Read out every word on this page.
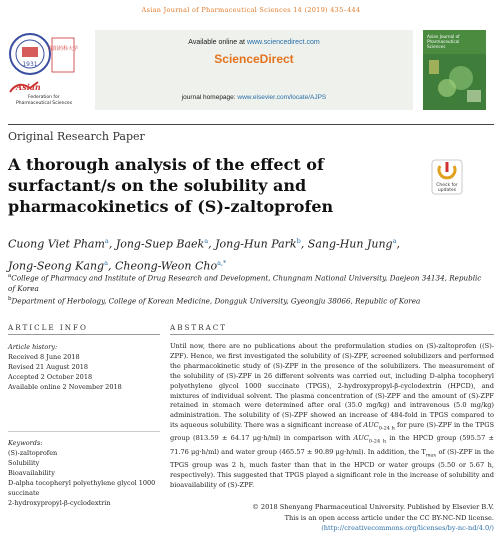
Asian Journal of Pharmaceutical Sciences 14 (2019) 435–444
1931
沈阳药科大学
Asian
Federation for
Pharmaceutical Sciences
Available online at www.sciencedirect.com
ScienceDirect
journal homepage: www.elsevier.com/locate/AJPS
Asian Journal of
Pharmaceutical
Sciences
Original Research Paper
A thorough analysis of the effect of surfactant/s on the solubility and pharmacokinetics of (S)-zaltoprofen
Check for
updates
Cuong Viet Pham$^a$, Jong-Suep Baek$^a$, Jong-Hun Park$^b$, Sang-Hun Jung$^a$, Jong-Seong Kang$^a$, Cheong-Weon Cho$^{a,*}$
$^a$College of Pharmacy and Institute of Drug Research and Development, Chungnam National University, Daejeon 34134, Republic of Korea
$^b$Department of Herbology, College of Korean Medicine, Dongguk University, Gyeongju 38066, Republic of Korea
ARTICLE INFO	ABSTRACT
Article history:
Received 8 June 2018
Revised 21 August 2018
Accepted 2 October 2018
Available online 2 November 2018
Keywords:
(S)-zaltoprofen
Solubility
Bioavailability
D-alpha tocopheryl polyethylene glycol 1000 succinate
2-hydroxypropyl-β-cyclodextrin
Until now, there are no publications about the preformulation studies on (S)-zaltoprofen ((S)-ZPF). Hence, we first investigated the solubility of (S)-ZPF, screened solubilizers and performed the pharmacokinetic study of (S)-ZPF in the presence of the solubilizers. The measurement of the solubility of (S)-ZPF in 26 different solvents was carried out, including D-alpha tocopheryl polyethylene glycol 1000 succinate (TPGS), 2-hydroxypropyl-β-cyclodextrin (HPCD), and mixtures of individual solvent. The plasma concentration of (S)-ZPF and the amount of (S)-ZPF retained in stomach were determined after oral (35.0 mg/kg) and intravenous (5.0 mg/kg) administration. The solubility of (S)-ZPF showed an increase of 484-fold in TPGS compared to its aqueous solubility. There was a significant increase of $AUC_{0-24 h}$ for pure (S)-ZPF in the TPGS group (813.59 ± 64.17 μg·h/ml) in comparison with $AUC_{0-24 h}$ in the HPCD group (595.57 ± 71.76 μg·h/ml) and water group (465.57 ± 90.89 μg·h/ml). In addition, the $T_{max}$ of (S)-ZPF in the TPGS group was 2 h, much faster than that in the HPCD or water groups (5.50 or 5.67 h, respectively). This suggested that TPGS played a significant role in the increase of solubility and bioavailability of (S)-ZPF.
© 2018 Shenyang Pharmaceutical University. Published by Elsevier B.V.
This is an open access article under the CC BY-NC-ND license.
(http://creativecommons.org/licenses/by-nc-nd/4.0/)
